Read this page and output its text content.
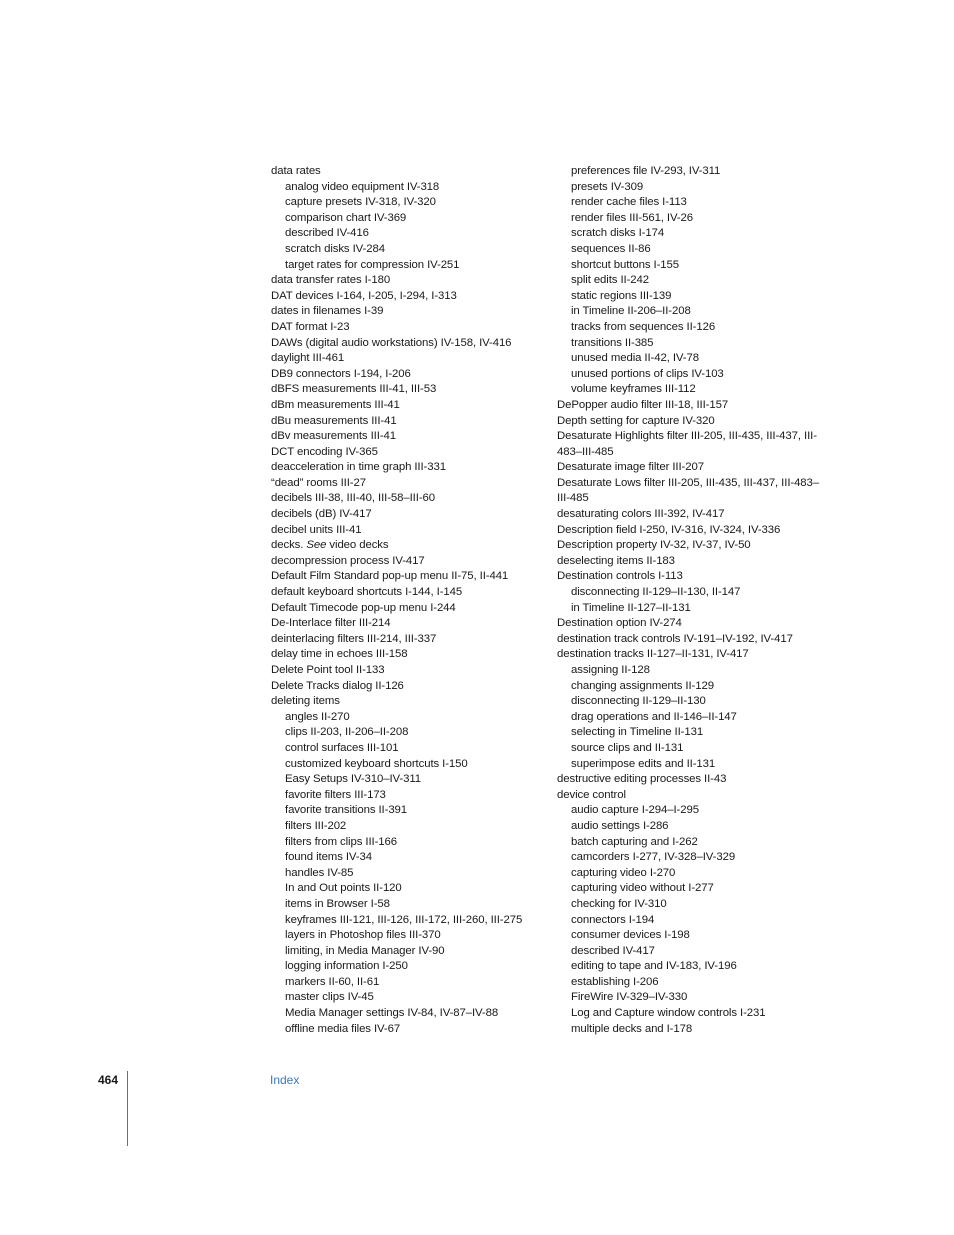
data rates
analog video equipment IV-318
capture presets IV-318, IV-320
comparison chart IV-369
described IV-416
scratch disks IV-284
target rates for compression IV-251
data transfer rates I-180
DAT devices I-164, I-205, I-294, I-313
dates in filenames I-39
DAT format I-23
DAWs (digital audio workstations) IV-158, IV-416
daylight III-461
DB9 connectors I-194, I-206
dBFS measurements III-41, III-53
dBm measurements III-41
dBu measurements III-41
dBv measurements III-41
DCT encoding IV-365
deacceleration in time graph III-331
“dead” rooms III-27
decibels III-38, III-40, III-58–III-60
decibels (dB) IV-417
decibel units III-41
decks. See video decks
decompression process IV-417
Default Film Standard pop-up menu II-75, II-441
default keyboard shortcuts I-144, I-145
Default Timecode pop-up menu I-244
De-Interlace filter III-214
deinterlacing filters III-214, III-337
delay time in echoes III-158
Delete Point tool II-133
Delete Tracks dialog II-126
deleting items
angles II-270
clips II-203, II-206–II-208
control surfaces III-101
customized keyboard shortcuts I-150
Easy Setups IV-310–IV-311
favorite filters III-173
favorite transitions II-391
filters III-202
filters from clips III-166
found items IV-34
handles IV-85
In and Out points II-120
items in Browser I-58
keyframes III-121, III-126, III-172, III-260, III-275
layers in Photoshop files III-370
limiting, in Media Manager IV-90
logging information I-250
markers II-60, II-61
master clips IV-45
Media Manager settings IV-84, IV-87–IV-88
offline media files IV-67
preferences file IV-293, IV-311
presets IV-309
render cache files I-113
render files III-561, IV-26
scratch disks I-174
sequences II-86
shortcut buttons I-155
split edits II-242
static regions III-139
in Timeline II-206–II-208
tracks from sequences II-126
transitions II-385
unused media II-42, IV-78
unused portions of clips IV-103
volume keyframes III-112
DePopper audio filter III-18, III-157
Depth setting for capture IV-320
Desaturate Highlights filter III-205, III-435, III-437, III-483–III-485
Desaturate image filter III-207
Desaturate Lows filter III-205, III-435, III-437, III-483–III-485
desaturating colors III-392, IV-417
Description field I-250, IV-316, IV-324, IV-336
Description property IV-32, IV-37, IV-50
deselecting items II-183
Destination controls I-113
disconnecting II-129–II-130, II-147
in Timeline II-127–II-131
Destination option IV-274
destination track controls IV-191–IV-192, IV-417
destination tracks II-127–II-131, IV-417
assigning II-128
changing assignments II-129
disconnecting II-129–II-130
drag operations and II-146–II-147
selecting in Timeline II-131
source clips and II-131
superimpose edits and II-131
destructive editing processes II-43
device control
audio capture I-294–I-295
audio settings I-286
batch capturing and I-262
camcorders I-277, IV-328–IV-329
capturing video I-270
capturing video without I-277
checking for IV-310
connectors I-194
consumer devices I-198
described IV-417
editing to tape and IV-183, IV-196
establishing I-206
FireWire IV-329–IV-330
Log and Capture window controls I-231
multiple decks and I-178
464	Index
